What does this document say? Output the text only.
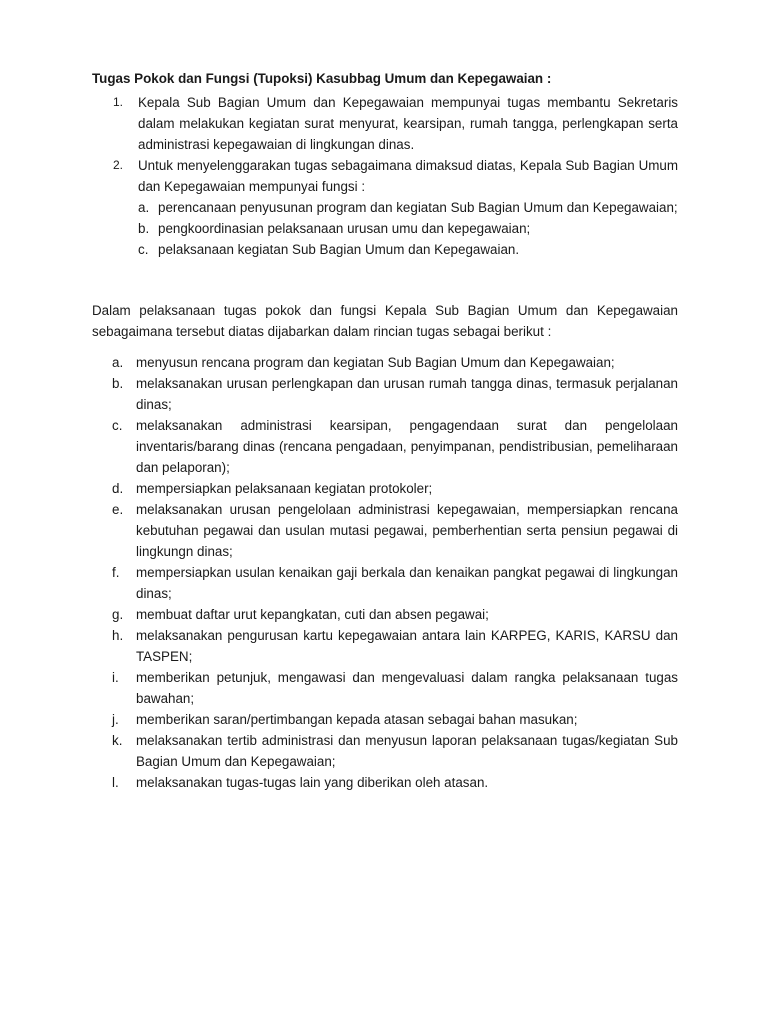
Tugas Pokok dan Fungsi (Tupoksi) Kasubbag Umum dan Kepegawaian :
1. Kepala Sub Bagian Umum dan Kepegawaian mempunyai tugas membantu Sekretaris dalam melakukan kegiatan surat menyurat, kearsipan, rumah tangga, perlengkapan serta administrasi kepegawaian di lingkungan dinas.
2. Untuk menyelenggarakan tugas sebagaimana dimaksud diatas, Kepala Sub Bagian Umum dan Kepegawaian mempunyai fungsi :
a. perencanaan penyusunan program dan kegiatan Sub Bagian Umum dan Kepegawaian;
b. pengkoordinasian pelaksanaan urusan umu dan kepegawaian;
c. pelaksanaan kegiatan Sub Bagian Umum dan Kepegawaian.

Dalam pelaksanaan tugas pokok dan fungsi Kepala Sub Bagian Umum dan Kepegawaian sebagaimana tersebut diatas dijabarkan dalam rincian tugas sebagai berikut :

a. menyusun rencana program dan kegiatan Sub Bagian Umum dan Kepegawaian;
b. melaksanakan urusan perlengkapan dan urusan rumah tangga dinas, termasuk perjalanan dinas;
c. melaksanakan administrasi kearsipan, pengagendaan surat dan pengelolaan inventaris/barang dinas (rencana pengadaan, penyimpanan, pendistribusian, pemeliharaan dan pelaporan);
d. mempersiapkan pelaksanaan kegiatan protokoler;
e. melaksanakan urusan pengelolaan administrasi kepegawaian, mempersiapkan rencana kebutuhan pegawai dan usulan mutasi pegawai, pemberhentian serta pensiun pegawai di lingkungn dinas;
f. mempersiapkan usulan kenaikan gaji berkala dan kenaikan pangkat pegawai di lingkungan dinas;
g. membuat daftar urut kepangkatan, cuti dan absen pegawai;
h. melaksanakan pengurusan kartu kepegawaian antara lain KARPEG, KARIS, KARSU dan TASPEN;
i. memberikan petunjuk, mengawasi dan mengevaluasi dalam rangka pelaksanaan tugas bawahan;
j. memberikan saran/pertimbangan kepada atasan sebagai bahan masukan;
k. melaksanakan tertib administrasi dan menyusun laporan pelaksanaan tugas/kegiatan Sub Bagian Umum dan Kepegawaian;
l. melaksanakan tugas-tugas lain yang diberikan oleh atasan.
